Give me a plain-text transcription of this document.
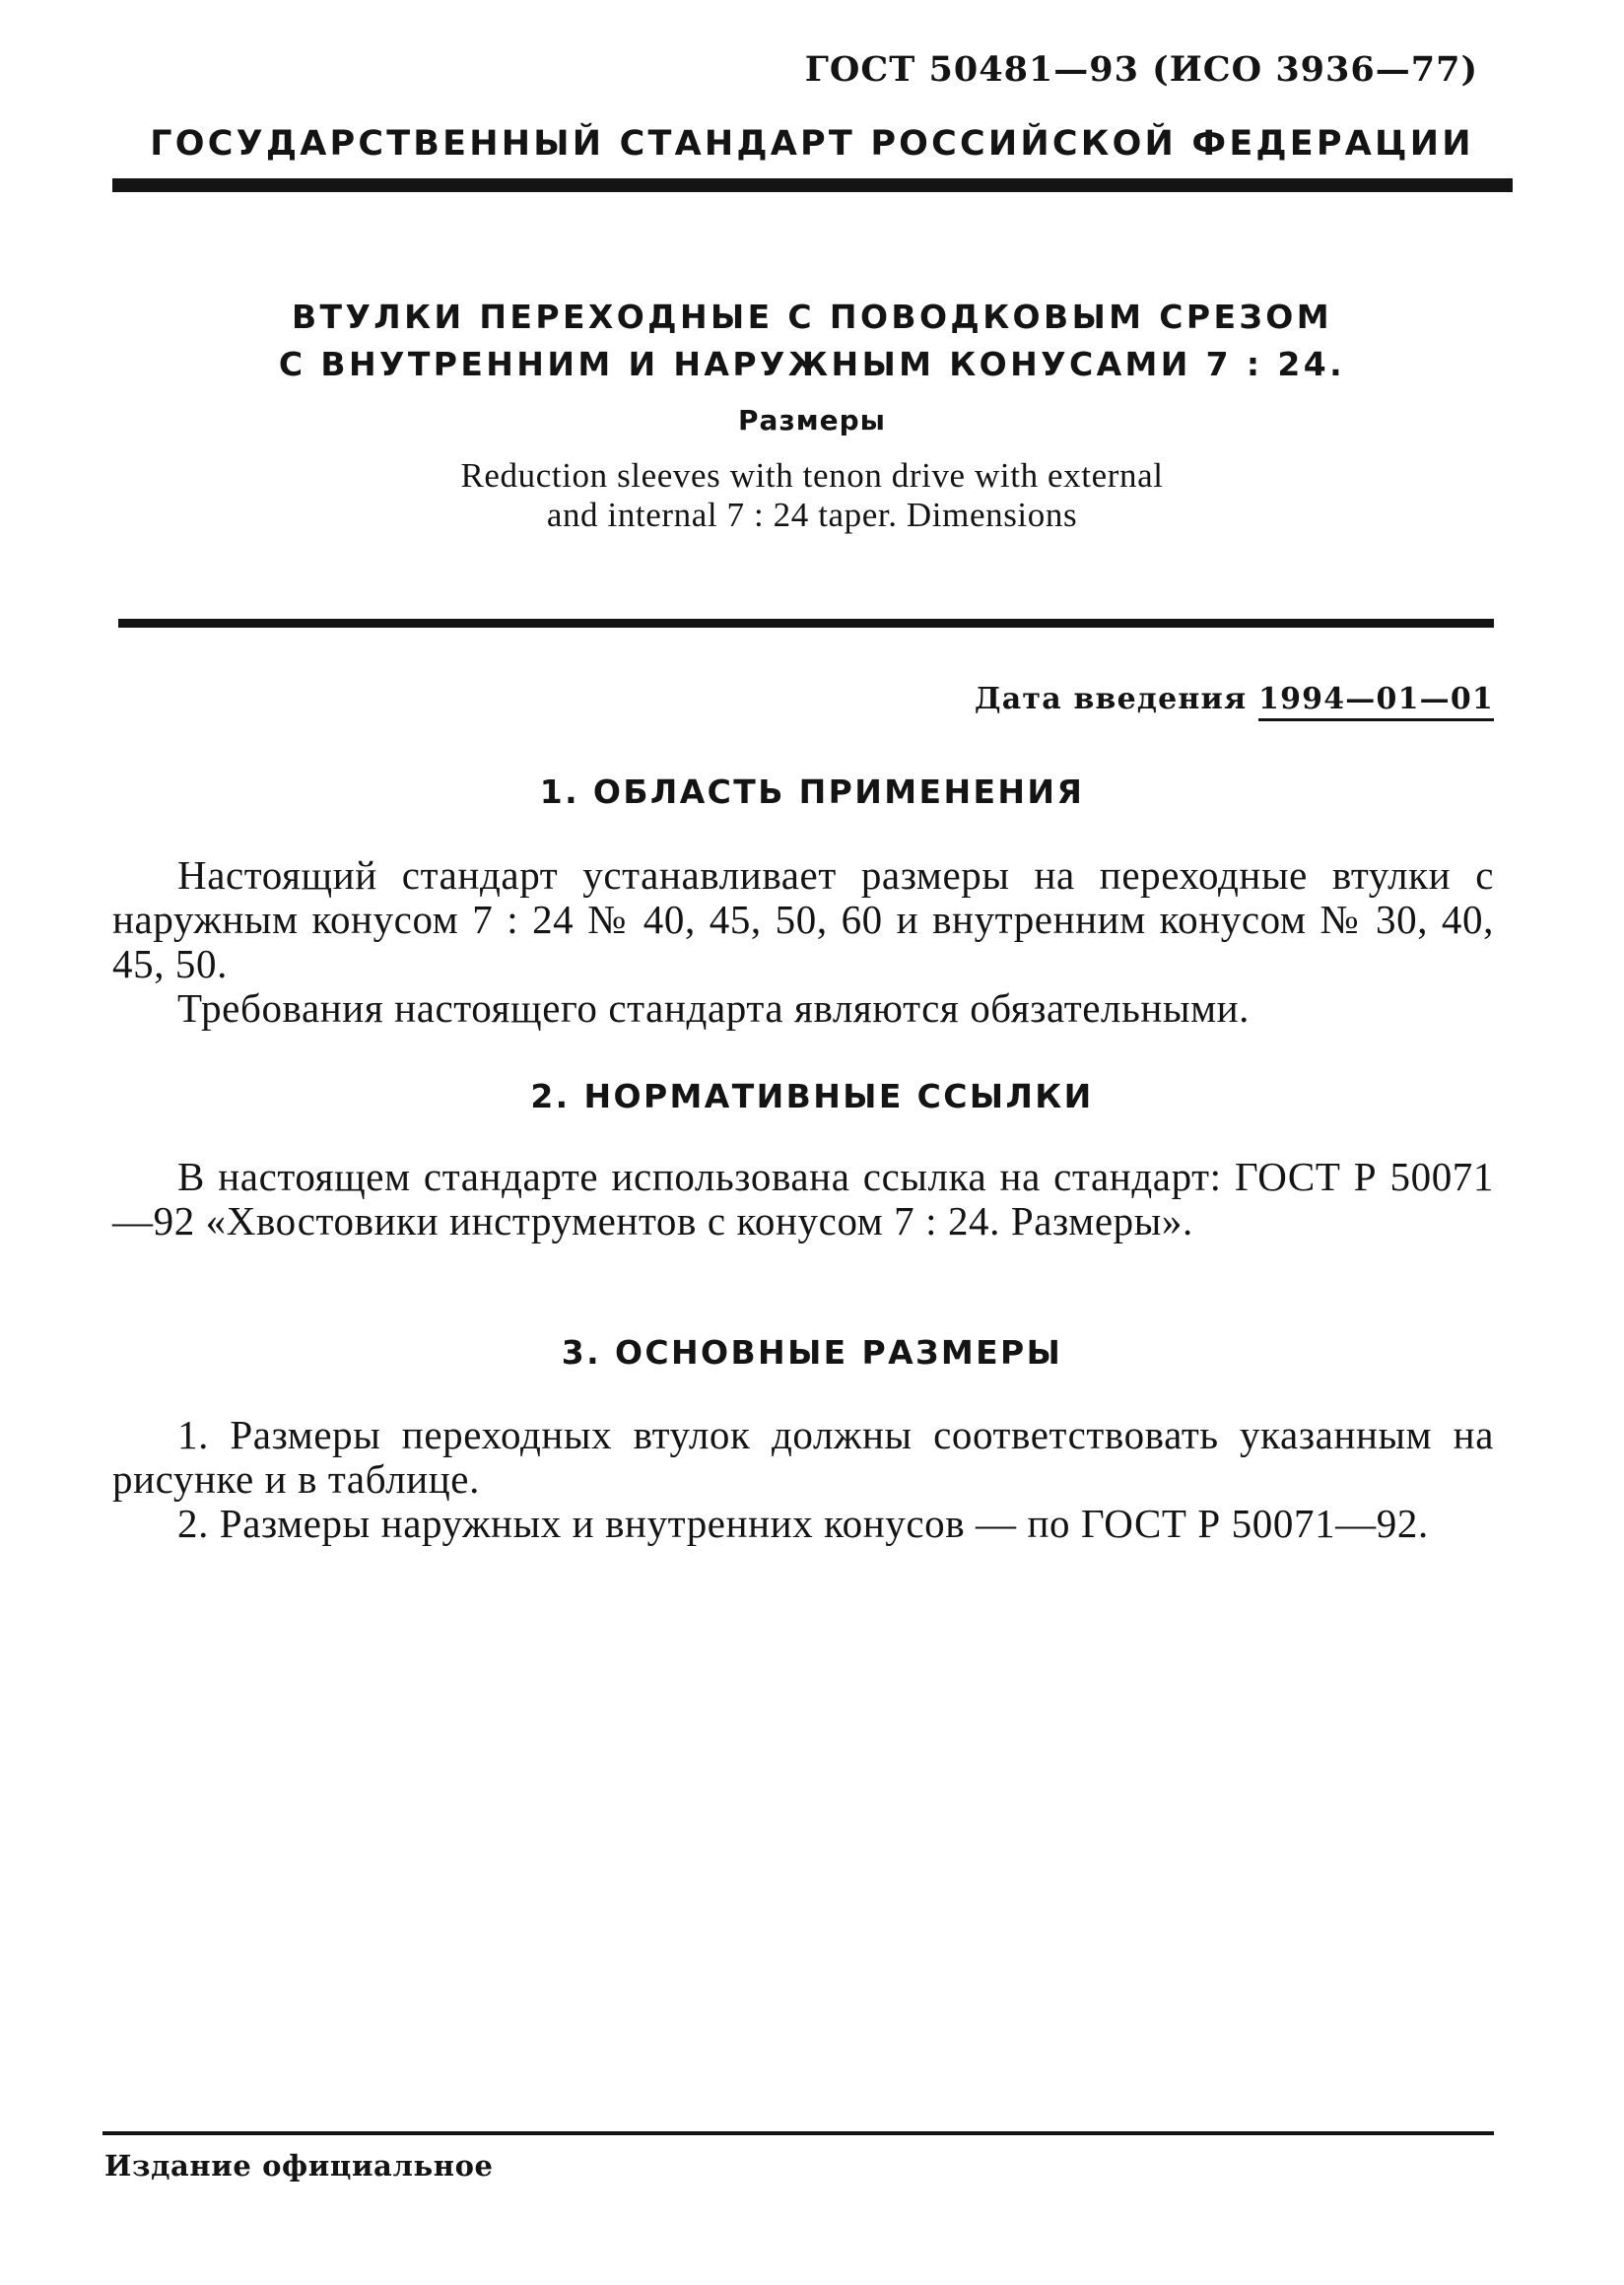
ГОСТ 50481—93 (ИСО 3936—77)
ГОСУДАРСТВЕННЫЙ СТАНДАРТ РОССИЙСКОЙ ФЕДЕРАЦИИ
ВТУЛКИ ПЕРЕХОДНЫЕ С ПОВОДКОВЫМ СРЕЗОМ
С ВНУТРЕННИМ И НАРУЖНЫМ КОНУСАМИ 7 : 24.
Размеры
Reduction sleeves with tenon drive with external
and internal 7 : 24 taper. Dimensions
Дата введения 1994—01—01
1. ОБЛАСТЬ ПРИМЕНЕНИЯ

Настоящий стандарт устанавливает размеры на переходные втулки с наружным конусом 7 : 24 № 40, 45, 50, 60 и внутренним конусом № 30, 40, 45, 50.

Требования настоящего стандарта являются обязательными.

2. НОРМАТИВНЫЕ ССЫЛКИ

В настоящем стандарте использована ссылка на стандарт: ГОСТ Р 50071—92 «Хвостовики инструментов с конусом 7 : 24. Размеры».

3. ОСНОВНЫЕ РАЗМЕРЫ

1. Размеры переходных втулок должны соответствовать указанным на рисунке и в таблице.

2. Размеры наружных и внутренних конусов — по ГОСТ Р 50071—92.

Издание официальное
